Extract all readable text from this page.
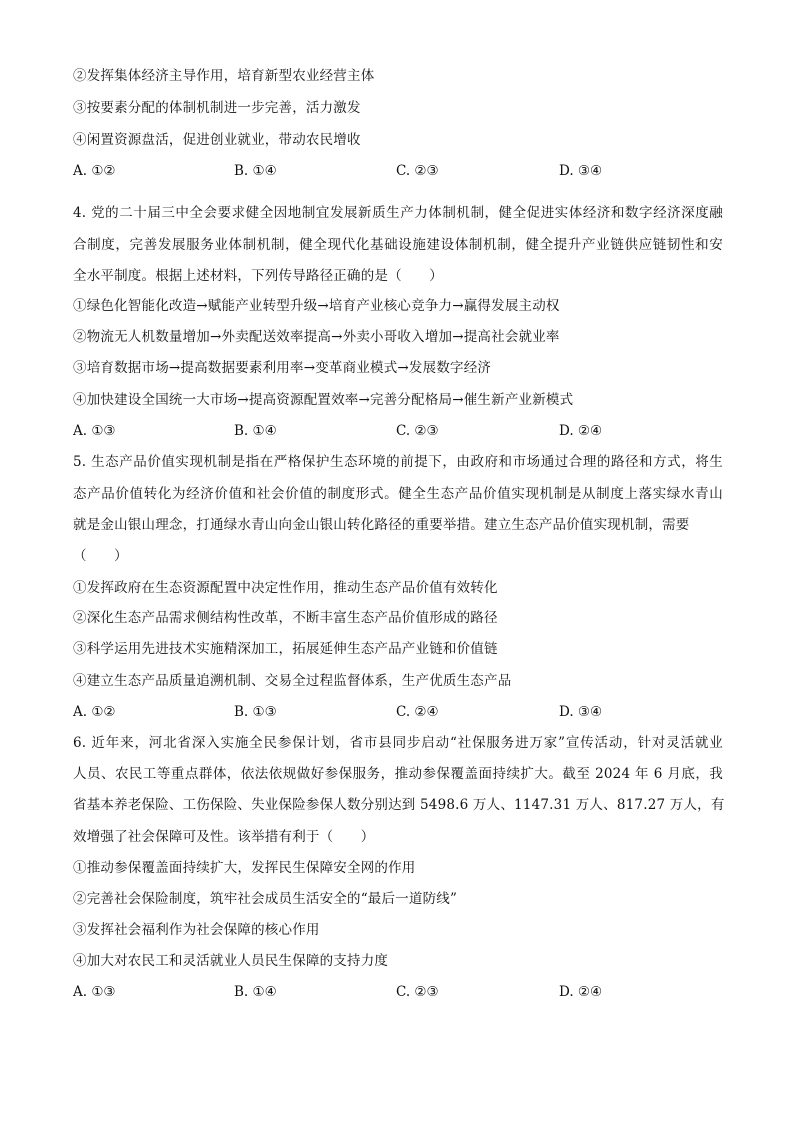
②发挥集体经济主导作用，培育新型农业经营主体
③按要素分配的体制机制进一步完善，活力激发
④闲置资源盘活，促进创业就业，带动农民增收
A. ①②	B. ①④	C. ②③	D. ③④
4. 党的二十届三中全会要求健全因地制宜发展新质生产力体制机制，健全促进实体经济和数字经济深度融
合制度，完善发展服务业体制机制，健全现代化基础设施建设体制机制，健全提升产业链供应链韧性和安
全水平制度。根据上述材料，下列传导路径正确的是（　　）
①绿色化智能化改造→赋能产业转型升级→培育产业核心竞争力→赢得发展主动权
②物流无人机数量增加→外卖配送效率提高→外卖小哥收入增加→提高社会就业率
③培育数据市场→提高数据要素利用率→变革商业模式→发展数字经济
④加快建设全国统一大市场→提高资源配置效率→完善分配格局→催生新产业新模式
A. ①③	B. ①④	C. ②③	D. ②④
5. 生态产品价值实现机制是指在严格保护生态环境的前提下，由政府和市场通过合理的路径和方式，将生
态产品价值转化为经济价值和社会价值的制度形式。健全生态产品价值实现机制是从制度上落实绿水青山
就是金山银山理念，打通绿水青山向金山银山转化路径的重要举措。建立生态产品价值实现机制，需要
（　　）
①发挥政府在生态资源配置中决定性作用，推动生态产品价值有效转化
②深化生态产品需求侧结构性改革，不断丰富生态产品价值形成的路径
③科学运用先进技术实施精深加工，拓展延伸生态产品产业链和价值链
④建立生态产品质量追溯机制、交易全过程监督体系，生产优质生态产品
A. ①②	B. ①③	C. ②④	D. ③④
6. 近年来，河北省深入实施全民参保计划，省市县同步启动“社保服务进万家”宣传活动，针对灵活就业
人员、农民工等重点群体，依法依规做好参保服务，推动参保覆盖面持续扩大。截至 2024 年 6 月底，我
省基本养老保险、工伤保险、失业保险参保人数分别达到 5498.6 万人、1147.31 万人、817.27 万人，有
效增强了社会保障可及性。该举措有利于（　　）
①推动参保覆盖面持续扩大，发挥民生保障安全网的作用
②完善社会保险制度，筑牢社会成员生活安全的“最后一道防线”
③发挥社会福利作为社会保障的核心作用
④加大对农民工和灵活就业人员民生保障的支持力度
A. ①③	B. ①④	C. ②③	D. ②④
